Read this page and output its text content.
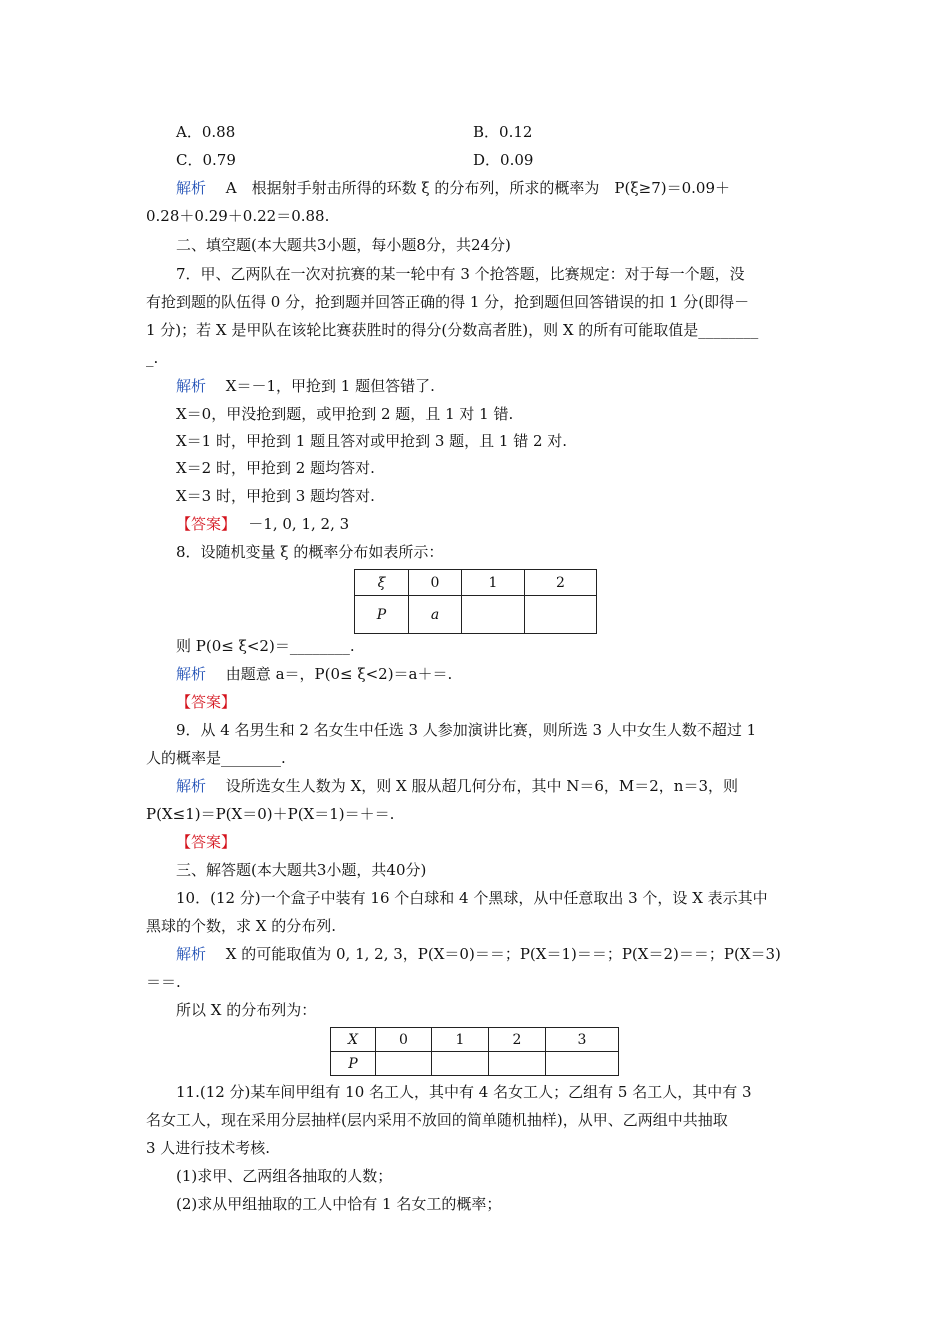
A．0.88	B．0.12
C．0.79	D．0.09
解析　 A　根据射手射击所得的环数 ξ 的分布列，所求的概率为　P(ξ≥7)＝0.09＋
0.28＋0.29＋0.22＝0.88.
二、填空题(本大题共3小题，每小题8分，共24分)
7．甲、乙两队在一次对抗赛的某一轮中有 3 个抢答题，比赛规定：对于每一个题，没
有抢到题的队伍得 0 分，抢到题并回答正确的得 1 分，抢到题但回答错误的扣 1 分(即得－
1 分)；若 X 是甲队在该轮比赛获胜时的得分(分数高者胜)，则 X 的所有可能取值是________
_.
解析　 X＝－1，甲抢到 1 题但答错了.
X＝0，甲没抢到题，或甲抢到 2 题，且 1 对 1 错.
X＝1 时，甲抢到 1 题且答对或甲抢到 3 题，且 1 错 2 对.
X＝2 时，甲抢到 2 题均答对.
X＝3 时，甲抢到 3 题均答对.
【答案】　 －1, 0, 1, 2, 3
8．设随机变量 ξ 的概率分布如表所示：
ξ	0	1	2
P	a		
则 P(0≤ ξ<2)＝________.
解析　 由题意 a＝，P(0≤ ξ<2)＝a＋＝.
【答案】
9．从 4 名男生和 2 名女生中任选 3 人参加演讲比赛，则所选 3 人中女生人数不超过 1
人的概率是________.
解析　 设所选女生人数为 X，则 X 服从超几何分布，其中 N＝6，M＝2，n＝3，则
P(X≤1)＝P(X＝0)＋P(X＝1)＝＋＝.
【答案】
三、解答题(本大题共3小题，共40分)
10．(12 分)一个盒子中装有 16 个白球和 4 个黑球，从中任意取出 3 个，设 X 表示其中
黑球的个数，求 X 的分布列.
解析　 X 的可能取值为 0, 1, 2, 3，P(X＝0)＝＝；P(X＝1)＝＝；P(X＝2)＝＝；P(X＝3)
＝＝.
所以 X 的分布列为：
X	0	1	2	3
P				
11.(12 分)某车间甲组有 10 名工人，其中有 4 名女工人；乙组有 5 名工人，其中有 3
名女工人，现在采用分层抽样(层内采用不放回的简单随机抽样)，从甲、乙两组中共抽取
3 人进行技术考核.
(1)求甲、乙两组各抽取的人数；
(2)求从甲组抽取的工人中恰有 1 名女工的概率；
